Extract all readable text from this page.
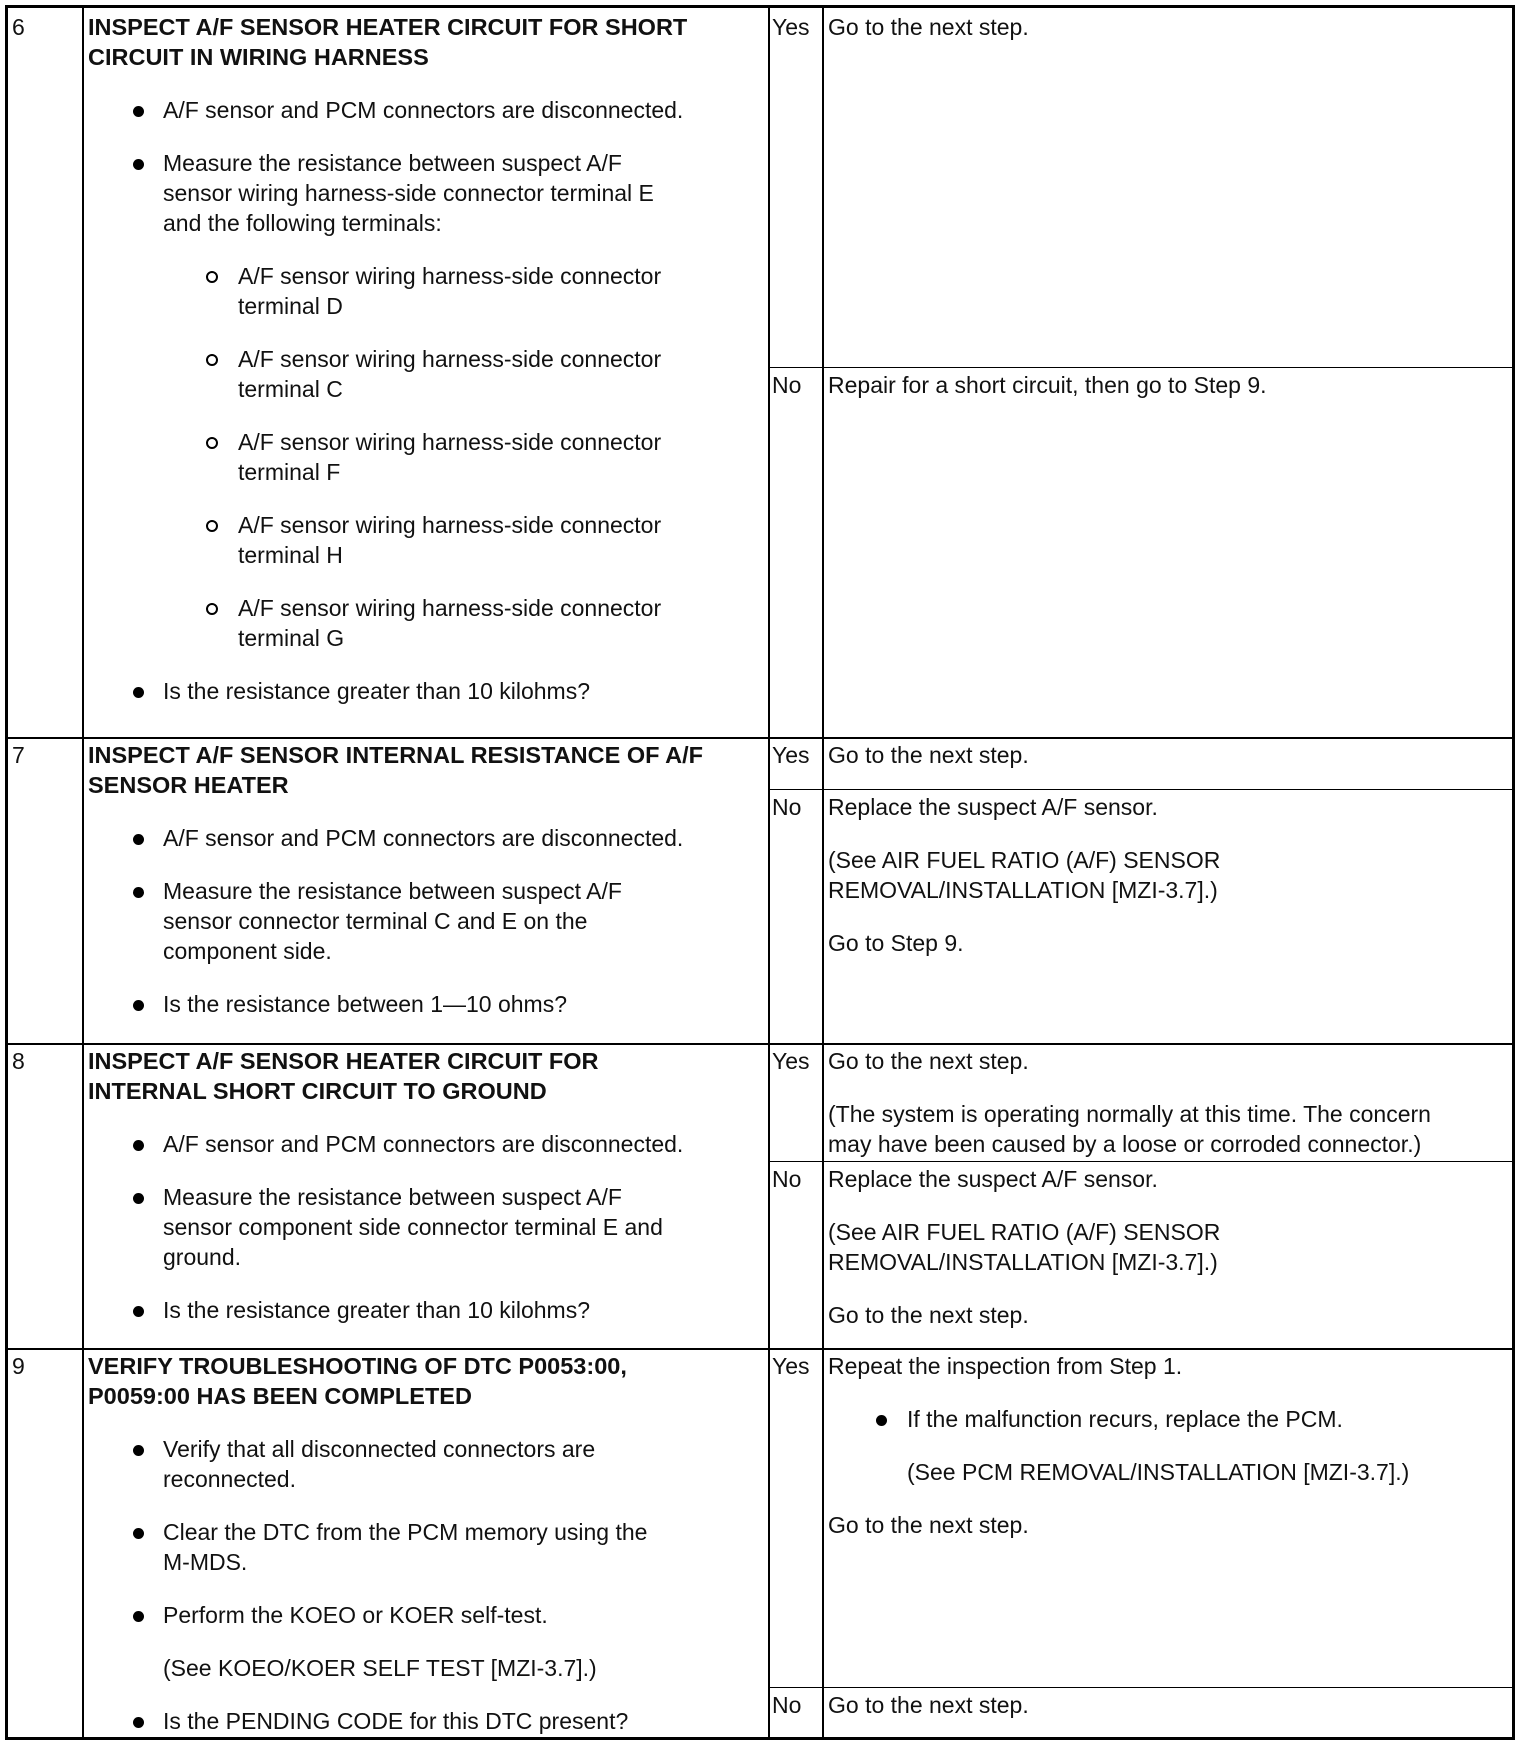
6	INSPECT A/F SENSOR HEATER CIRCUIT FOR SHORT
CIRCUIT IN WIRING HARNESS
A/F sensor and PCM connectors are disconnected.
Measure the resistance between suspect A/F
sensor wiring harness-side connector terminal E
and the following terminals:
A/F sensor wiring harness-side connector
terminal D
A/F sensor wiring harness-side connector
terminal C
A/F sensor wiring harness-side connector
terminal F
A/F sensor wiring harness-side connector
terminal H
A/F sensor wiring harness-side connector
terminal G
Is the resistance greater than 10 kilohms?
Yes Go to the next step.
No Repair for a short circuit, then go to Step 9.
7	INSPECT A/F SENSOR INTERNAL RESISTANCE OF A/F
SENSOR HEATER
A/F sensor and PCM connectors are disconnected.
Measure the resistance between suspect A/F
sensor connector terminal C and E on the
component side.
Is the resistance between 1—10 ohms?
Yes Go to the next step.
No Replace the suspect A/F sensor.
(See AIR FUEL RATIO (A/F) SENSOR
REMOVAL/INSTALLATION [MZI-3.7].)
Go to Step 9.
8	INSPECT A/F SENSOR HEATER CIRCUIT FOR
INTERNAL SHORT CIRCUIT TO GROUND
A/F sensor and PCM connectors are disconnected.
Measure the resistance between suspect A/F
sensor component side connector terminal E and
ground.
Is the resistance greater than 10 kilohms?
Yes Go to the next step.
(The system is operating normally at this time. The concern
may have been caused by a loose or corroded connector.)
No Replace the suspect A/F sensor.
(See AIR FUEL RATIO (A/F) SENSOR
REMOVAL/INSTALLATION [MZI-3.7].)
Go to the next step.
9	VERIFY TROUBLESHOOTING OF DTC P0053:00,
P0059:00 HAS BEEN COMPLETED
Verify that all disconnected connectors are
reconnected.
Clear the DTC from the PCM memory using the
M-MDS.
Perform the KOEO or KOER self-test.
(See KOEO/KOER SELF TEST [MZI-3.7].)
Is the PENDING CODE for this DTC present?
Yes Repeat the inspection from Step 1.
If the malfunction recurs, replace the PCM.
(See PCM REMOVAL/INSTALLATION [MZI-3.7].)
Go to the next step.
No Go to the next step.
